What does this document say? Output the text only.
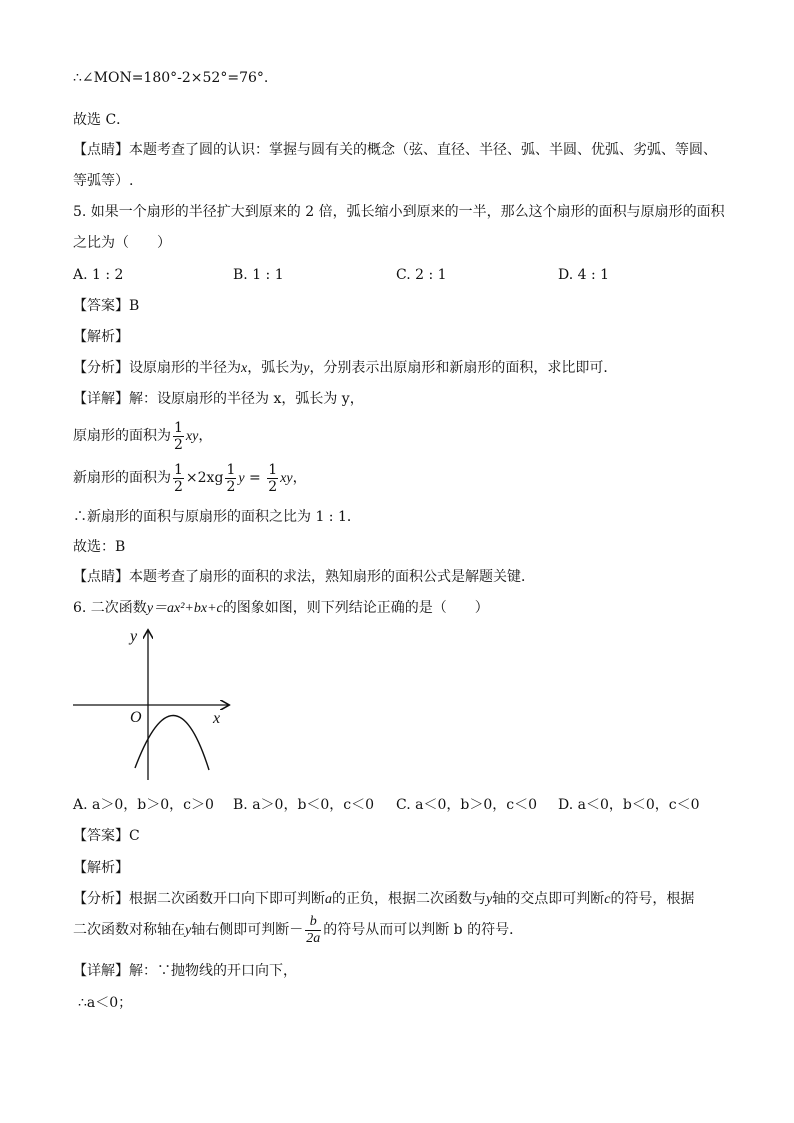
∴∠MON=180°-2×52°=76°.
故选 C．
【点睛】本题考查了圆的认识：掌握与圆有关的概念（弦、直径、半径、弧、半圆、优弧、劣弧、等圆、
等弧等）.
5. 如果一个扇形的半径扩大到原来的 2 倍，弧长缩小到原来的一半，那么这个扇形的面积与原扇形的面积
之比为（　　）
A. 1 : 2	B. 1 : 1	C. 2 : 1	D. 4 : 1
【答案】B
【解析】
【分析】设原扇形的半径为x，弧长为y，分别表示出原扇形和新扇形的面积，求比即可．
【详解】解：设原扇形的半径为 x，弧长为 y，
原扇形的面积为 $\frac{1}{2}$ xy，
新扇形的面积为 $\frac{1}{2} \times 2xg \frac{1}{2}$ $y = \frac{1}{2}$ xy，
∴新扇形的面积与原扇形的面积之比为 1 : 1．
故选：B
【点睛】本题考查了扇形的面积的求法，熟知扇形的面积公式是解题关键．
6. 二次函数y＝ax²+bx+c的图象如图，则下列结论正确的是（　　）
y
x
O
A. a＞0，b＞0，c＞0 B. a＞0，b＜0，c＜0 C. a＜0，b＞0，c＜0 D. a＜0，b＜0，c＜0
【答案】C
【解析】
【分析】根据二次函数开口向下即可判断a的正负，根据二次函数与y轴的交点即可判断c的符号，根据
二次函数对称轴在y轴右侧即可判断－ $\frac{b}{2a}$ 的符号从而可以判断 b 的符号．
【详解】解：∵抛物线的开口向下，
∴a＜0；
